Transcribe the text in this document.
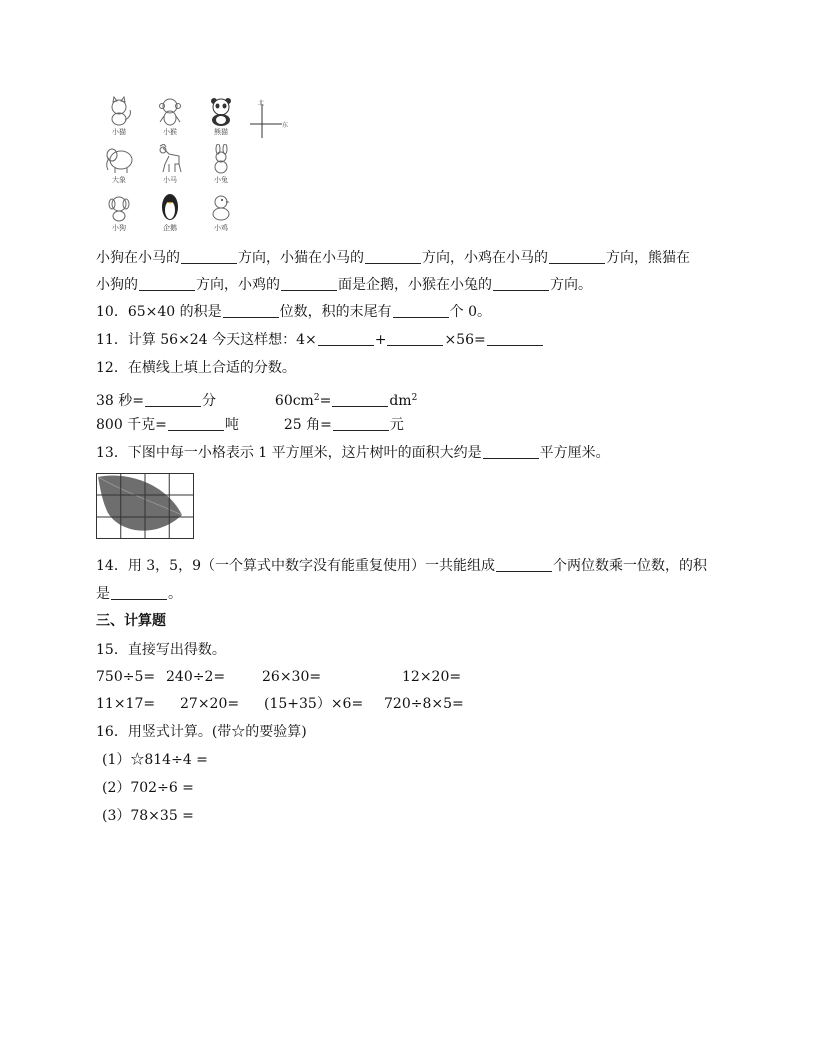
小猫	小猴	熊猫
大象	小马	小兔
小狗	企鹅	小鸡
北
东
小狗在小马的	方向，小猫在小马的	方向，小鸡在小马的	方向，熊猫在
小狗的	方向，小鸡的	面是企鹅，小猴在小兔的	方向。
10．65×40 的积是	位数，积的末尾有	个 0。
11．计算 56×24 今天这样想：4×	+	×56=
12．在横线上填上合适的分数。
38 秒=	分	$60cm^2=$	$dm^2$
800 千克=	吨	25 角=	元
13．下图中每一小格表示 1 平方厘米，这片树叶的面积大约是	平方厘米。
14．用 3，5，9（一个算式中数字没有能重复使用）一共能组成	个两位数乘一位数，的积
是	。
三、计算题
15．直接写出得数。
750÷5= 240÷2=	26×30=	12×20=
11×17= 27×20= (15+35）×6= 720÷8×5=
16．用竖式计算。(带☆的要验算)
(1）☆814÷4 =
(2）702÷6 =
(3）78×35 =
